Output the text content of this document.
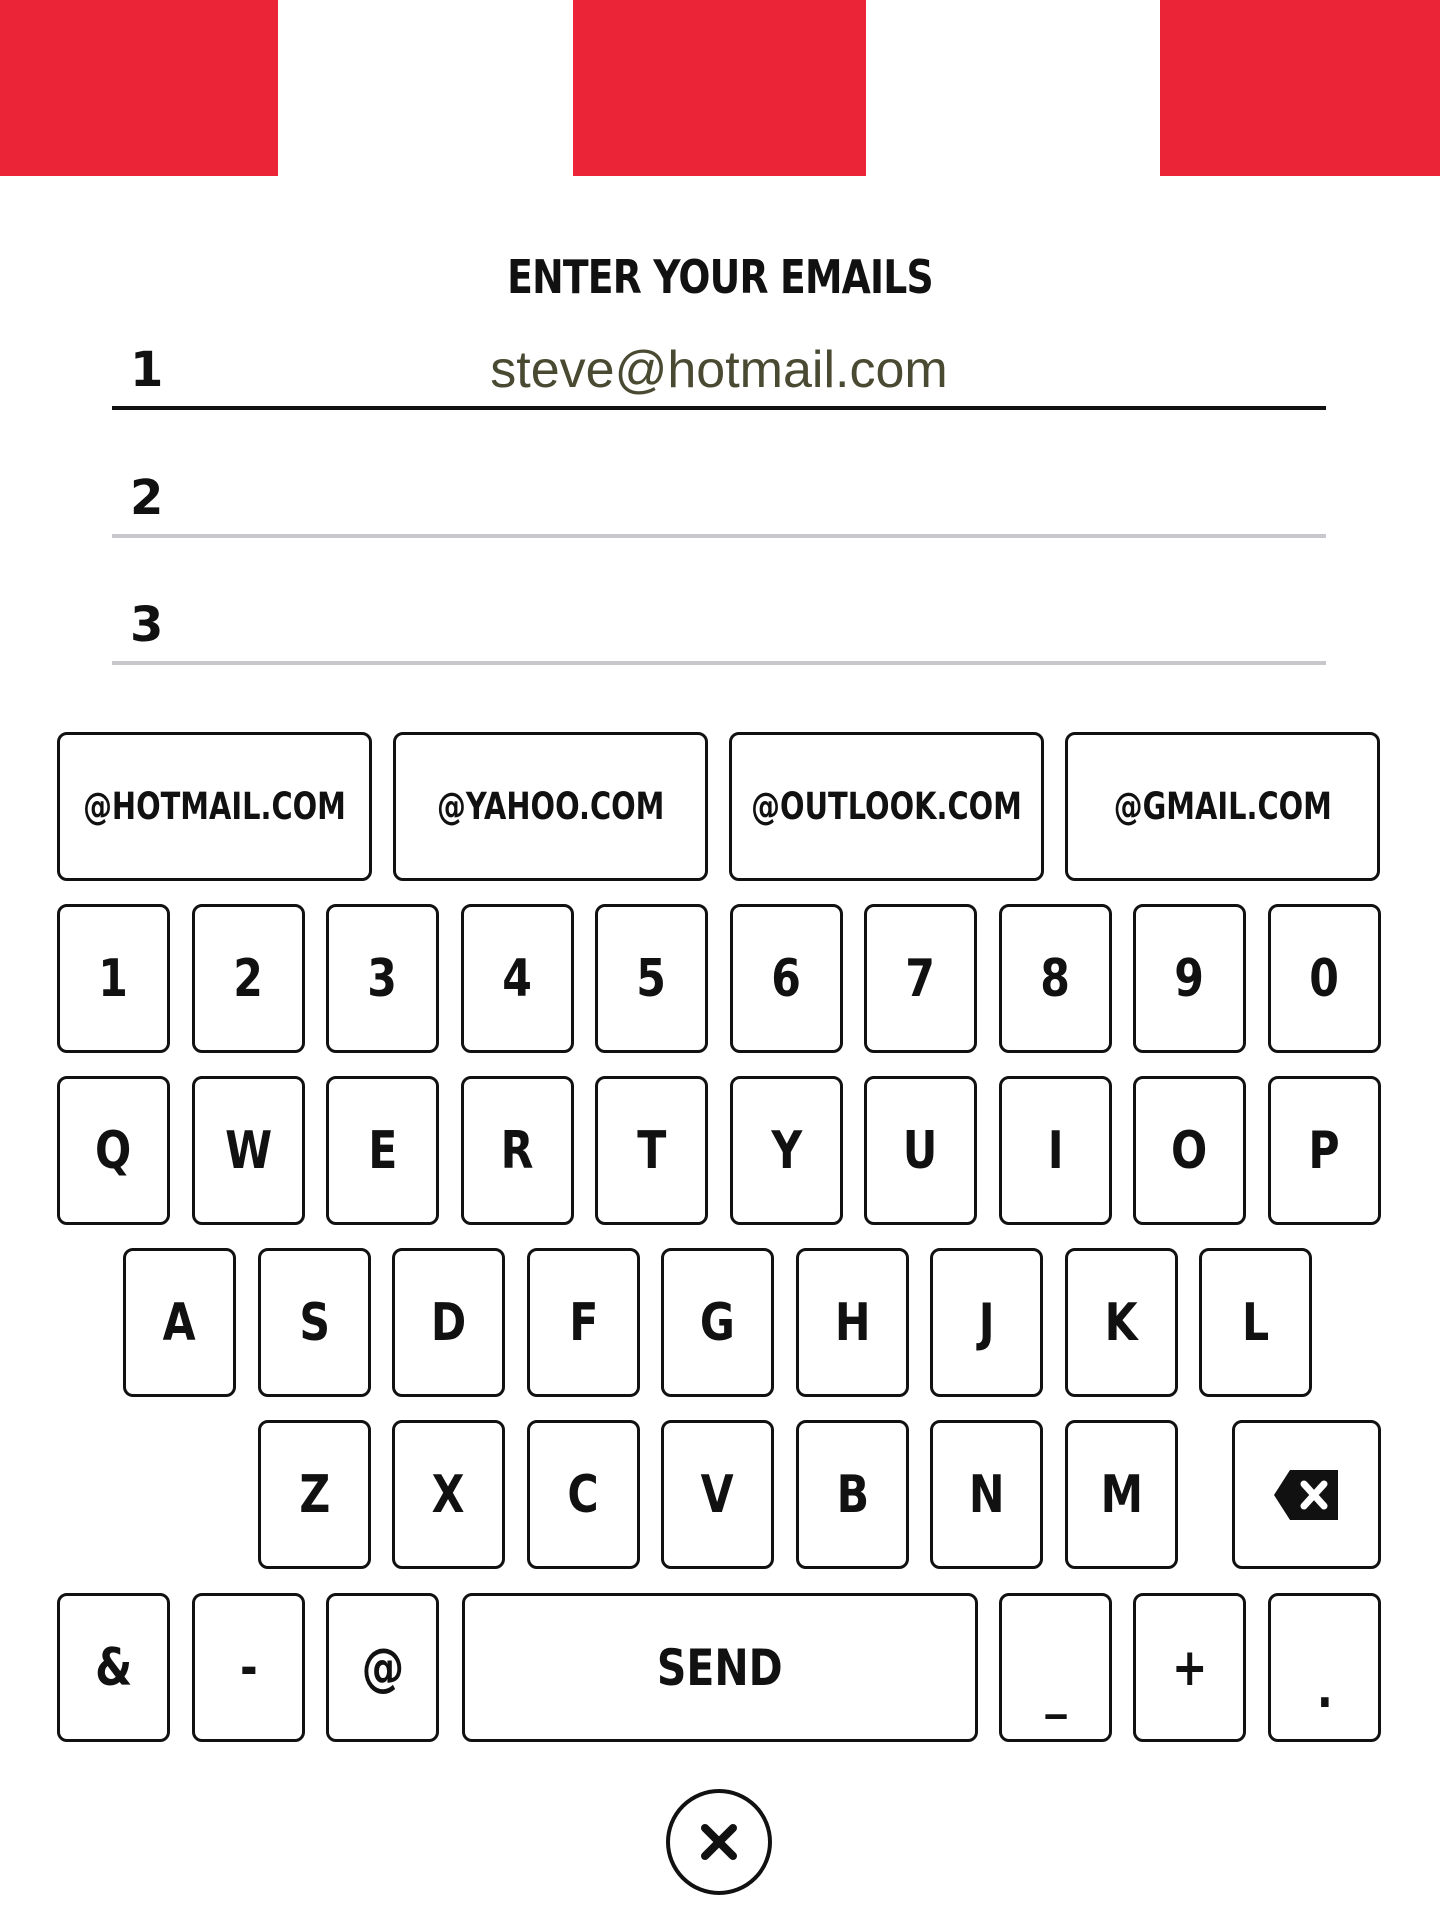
ENTER YOUR EMAILS
1	steve@hotmail.com
2
3
@HOTMAIL.COM @YAHOO.COM @OUTLOOK.COM @GMAIL.COM
1 2 3 4 5 6 7 8 9 0
Q W E R T Y U I O P
A S D F G H J K L
Z X C V B N M
& - @	SEND	_ + .
